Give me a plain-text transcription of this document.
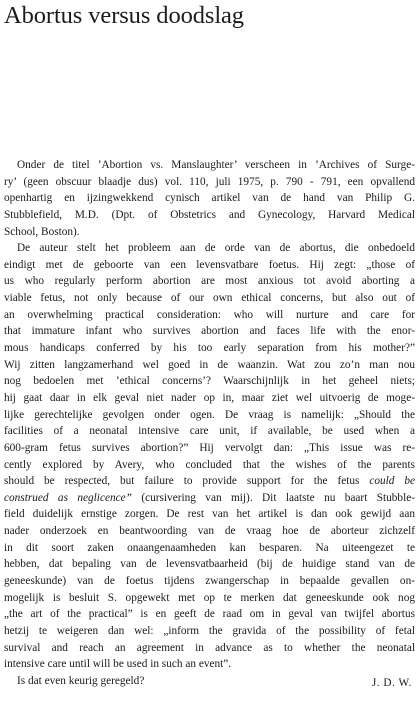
Abortus versus doodslag
Onder de titel ’Abortion vs. Manslaughter’ verscheen in ’Archives of Surge-
ry’ (geen obscuur blaadje dus) vol. 110, juli 1975, p. 790 - 791, een opvallend
openhartig en ijzingwekkend cynisch artikel van de hand van Philip G.
Stubblefield, M.D. (Dpt. of Obstetrics and Gynecology, Harvard Medical
School, Boston).
De auteur stelt het probleem aan de orde van de abortus, die onbedoeld
eindigt met de geboorte van een levensvatbare foetus. Hij zegt: „those of
us who regularly perform abortion are most anxious tot avoid aborting a
viable fetus, not only because of our own ethical concerns, but also out of
an overwhelming practical consideration: who will nurture and care for
that immature infant who survives abortion and faces life with the enor-
mous handicaps conferred by his too early separation from his mother?”
Wij zitten langzamerhand wel goed in de waanzin. Wat zou zo’n man nou
nog bedoelen met ’ethical concerns’? Waarschijnlijk in het geheel niets;
hij gaat daar in elk geval niet nader op in, maar ziet wel uitvoerig de moge-
lijke gerechtelijke gevolgen onder ogen. De vraag is namelijk: „Should the
facilities of a neonatal intensive care unit, if available, be used when a
600-gram fetus survives abortion?” Hij vervolgt dan: „This issue was re-
cently explored by Avery, who concluded that the wishes of the parents
should be respected, but failure to provide support for the fetus could be
construed as neglicence” (cursivering van mij). Dit laatste nu baart Stubble-
field duidelijk ernstige zorgen. De rest van het artikel is dan ook gewijd aan
nader onderzoek en beantwoording van de vraag hoe de aborteur zichzelf
in dit soort zaken onaangenaamheden kan besparen. Na uiteengezet te
hebben, dat bepaling van de levensvatbaarheid (bij de huidige stand van de
geneeskunde) van de foetus tijdens zwangerschap in bepaalde gevallen on-
mogelijk is besluit S. opgewekt met op te merken dat geneeskunde ook nog
„the art of the practical” is en geeft de raad om in geval van twijfel abortus
hetzij te weigeren dan wel: „inform the gravida of the possibility of fetal
survival and reach an agreement in advance as to whether the neonatal
intensive care until will be used in such an event”.
Is dat even keurig geregeld?	J. D. W.
